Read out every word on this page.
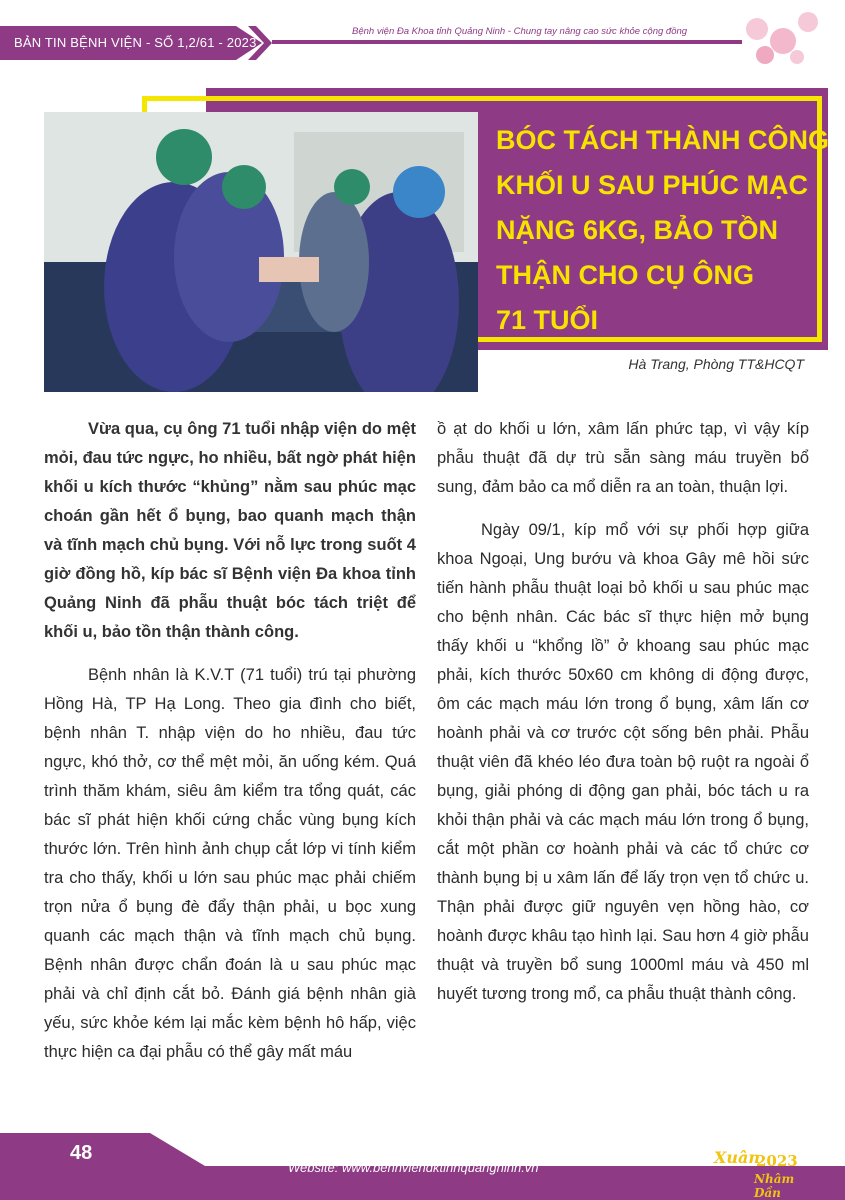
BẢN TIN BỆNH VIỆN - SỐ 1,2/61 - 2023
Bệnh viện Đa Khoa tỉnh Quảng Ninh - Chung tay nâng cao sức khỏe cộng đồng
BÓC TÁCH THÀNH CÔNG
KHỐI U SAU PHÚC MẠC
NẶNG 6KG, BẢO TỒN
THẬN CHO CỤ ÔNG
71 TUỔI
Hà Trang, Phòng TT&HCQT

Vừa qua, cụ ông 71 tuổi nhập viện do mệt mỏi, đau tức ngực, ho nhiều, bất ngờ phát hiện khối u kích thước “khủng” nằm sau phúc mạc choán gần hết ổ bụng, bao quanh mạch thận và tĩnh mạch chủ bụng. Với nỗ lực trong suốt 4 giờ đồng hồ, kíp bác sĩ Bệnh viện Đa khoa tỉnh Quảng Ninh đã phẫu thuật bóc tách triệt để khối u, bảo tồn thận thành công.

Bệnh nhân là K.V.T (71 tuổi) trú tại phường Hồng Hà, TP Hạ Long. Theo gia đình cho biết, bệnh nhân T. nhập viện do ho nhiều, đau tức ngực, khó thở, cơ thể mệt mỏi, ăn uống kém. Quá trình thăm khám, siêu âm kiểm tra tổng quát, các bác sĩ phát hiện khối cứng chắc vùng bụng kích thước lớn. Trên hình ảnh chụp cắt lớp vi tính kiểm tra cho thấy, khối u lớn sau phúc mạc phải chiếm trọn nửa ổ bụng đè đẩy thận phải, u bọc xung quanh các mạch thận và tĩnh mạch chủ bụng. Bệnh nhân được chẩn đoán là u sau phúc mạc phải và chỉ định cắt bỏ. Đánh giá bệnh nhân già yếu, sức khỏe kém lại mắc kèm bệnh hô hấp, việc thực hiện ca đại phẫu có thể gây mất máu

ồ ạt do khối u lớn, xâm lấn phức tạp, vì vậy kíp phẫu thuật đã dự trù sẵn sàng máu truyền bổ sung, đảm bảo ca mổ diễn ra an toàn, thuận lợi.

Ngày 09/1, kíp mổ với sự phối hợp giữa khoa Ngoại, Ung bướu và khoa Gây mê hồi sức tiến hành phẫu thuật loại bỏ khối u sau phúc mạc cho bệnh nhân. Các bác sĩ thực hiện mở bụng thấy khối u “khổng lồ” ở khoang sau phúc mạc phải, kích thước 50x60 cm không di động được, ôm các mạch máu lớn trong ổ bụng, xâm lấn cơ hoành phải và cơ trước cột sống bên phải. Phẫu thuật viên đã khéo léo đưa toàn bộ ruột ra ngoài ổ bụng, giải phóng di động gan phải, bóc tách u ra khỏi thận phải và các mạch máu lớn trong ổ bụng, cắt một phần cơ hoành phải và các tổ chức cơ thành bụng bị u xâm lấn để lấy trọn vẹn tổ chức u. Thận phải được giữ nguyên vẹn hồng hào, cơ hoành được khâu tạo hình lại. Sau hơn 4 giờ phẫu thuật và truyền bổ sung 1000ml máu và 450 ml huyết tương trong mổ, ca phẫu thuật thành công.

48
Website: www.benhviendktinhquangninh.vn
Xuân
2023
Nhâm Dần
